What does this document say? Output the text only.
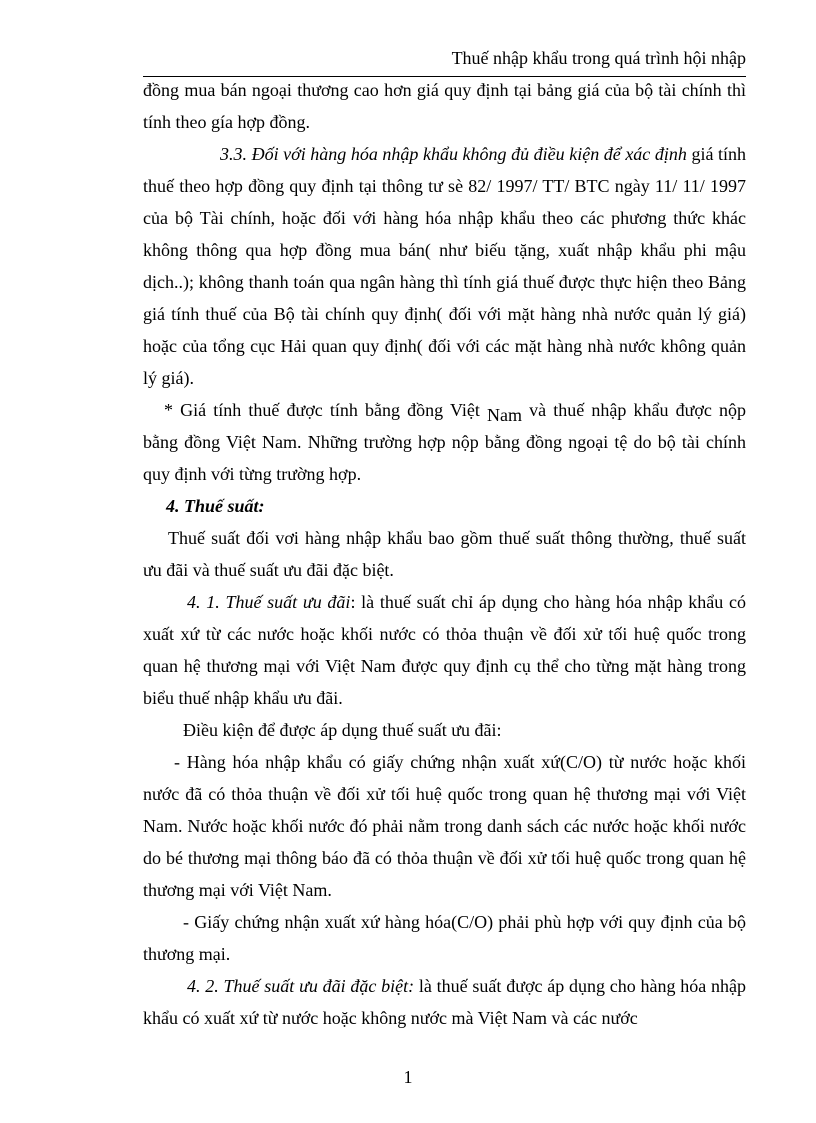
Thuế nhập khẩu trong quá trình hội nhập

đồng mua bán ngoại thương cao hơn giá quy định tại bảng giá của bộ tài chính thì tính theo gía hợp đồng.

3.3. Đối với hàng hóa nhập khẩu không đủ điều kiện để xác định giá tính thuế theo hợp đồng quy định tại thông tư sè 82/ 1997/ TT/ BTC ngày 11/ 11/ 1997 của bộ Tài chính, hoặc đối với hàng hóa nhập khẩu theo các phương thức khác không thông qua hợp đồng mua bán( như biếu tặng, xuất nhập khẩu phi mậu dịch..); không thanh toán qua ngân hàng thì tính giá thuế được thực hiện theo Bảng giá tính thuế của Bộ tài chính quy định( đối với mặt hàng nhà nước quản lý giá) hoặc của tổng cục Hải quan quy định( đối với các mặt hàng nhà nước không quản lý giá).

* Giá tính thuế được tính bằng đồng Việt Nam và thuế nhập khẩu được nộp bằng đồng Việt Nam. Những trường hợp nộp bằng đồng ngoại tệ do bộ tài chính quy định với từng trường hợp.

4. Thuế suất:

Thuế suất đối vơi hàng nhập khẩu bao gồm thuế suất thông thường, thuế suất ưu đãi và thuế suất ưu đãi đặc biệt.

4. 1. Thuế suất ưu đãi: là thuế suất chỉ áp dụng cho hàng hóa nhập khẩu có xuất xứ từ các nước hoặc khối nước có thỏa thuận về đối xử tối huệ quốc trong quan hệ thương mại với Việt Nam được quy định cụ thể cho từng mặt hàng trong biểu thuế nhập khẩu ưu đãi.

Điều kiện để được áp dụng thuế suất ưu đãi:

- Hàng hóa nhập khẩu có giấy chứng nhận xuất xứ(C/O) từ nước hoặc khối nước đã có thỏa thuận về đối xử tối huệ quốc trong quan hệ thương mại với Việt Nam. Nước hoặc khối nước đó phải nằm trong danh sách các nước hoặc khối nước do bé thương mại thông báo đã có thỏa thuận về đối xử tối huệ quốc trong quan hệ thương mại với Việt Nam.

- Giấy chứng nhận xuất xứ hàng hóa(C/O) phải phù hợp với quy định của bộ thương mại.

4. 2. Thuế suất ưu đãi đặc biệt: là thuế suất được áp dụng cho hàng hóa nhập khẩu có xuất xứ từ nước hoặc không nước mà Việt Nam và các nước

1
